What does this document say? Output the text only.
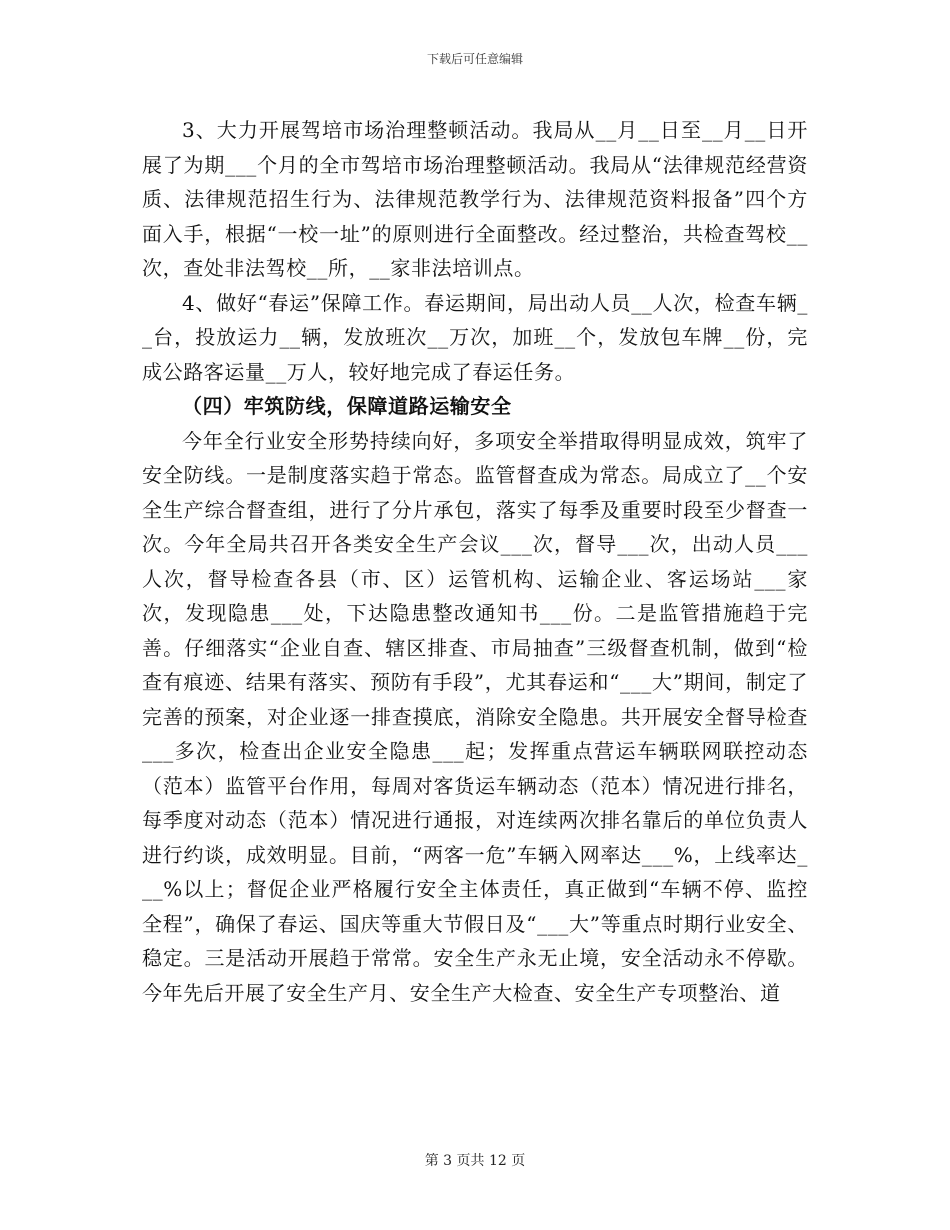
下载后可任意编辑

3、大力开展驾培市场治理整顿活动。我局从__月__日至__月__日开展了为期___个月的全市驾培市场治理整顿活动。我局从“法律规范经营资质、法律规范招生行为、法律规范教学行为、法律规范资料报备”四个方面入手，根据“一校一址”的原则进行全面整改。经过整治，共检查驾校__次，查处非法驾校__所，__家非法培训点。

4、做好“春运”保障工作。春运期间，局出动人员__人次，检查车辆__台，投放运力__辆，发放班次__万次，加班__个，发放包车牌__份，完成公路客运量__万人，较好地完成了春运任务。

（四）牢筑防线，保障道路运输安全

今年全行业安全形势持续向好，多项安全举措取得明显成效，筑牢了安全防线。一是制度落实趋于常态。监管督查成为常态。局成立了__个安全生产综合督查组，进行了分片承包，落实了每季及重要时段至少督查一次。今年全局共召开各类安全生产会议___次，督导___次，出动人员___人次，督导检查各县（市、区）运管机构、运输企业、客运场站___家次，发现隐患___处，下达隐患整改通知书___份。二是监管措施趋于完善。仔细落实“企业自查、辖区排查、市局抽查”三级督查机制，做到“检查有痕迹、结果有落实、预防有手段”，尤其春运和“___大”期间，制定了完善的预案，对企业逐一排查摸底，消除安全隐患。共开展安全督导检查___多次，检查出企业安全隐患___起；发挥重点营运车辆联网联控动态（范本）监管平台作用，每周对客货运车辆动态（范本）情况进行排名，每季度对动态（范本）情况进行通报，对连续两次排名靠后的单位负责人进行约谈，成效明显。目前，“两客一危”车辆入网率达___%，上线率达___%以上；督促企业严格履行安全主体责任，真正做到“车辆不停、监控全程”，确保了春运、国庆等重大节假日及“___大”等重点时期行业安全、稳定。三是活动开展趋于常常。安全生产永无止境，安全活动永不停歇。今年先后开展了安全生产月、安全生产大检查、安全生产专项整治、道

第 3 页共 12 页
